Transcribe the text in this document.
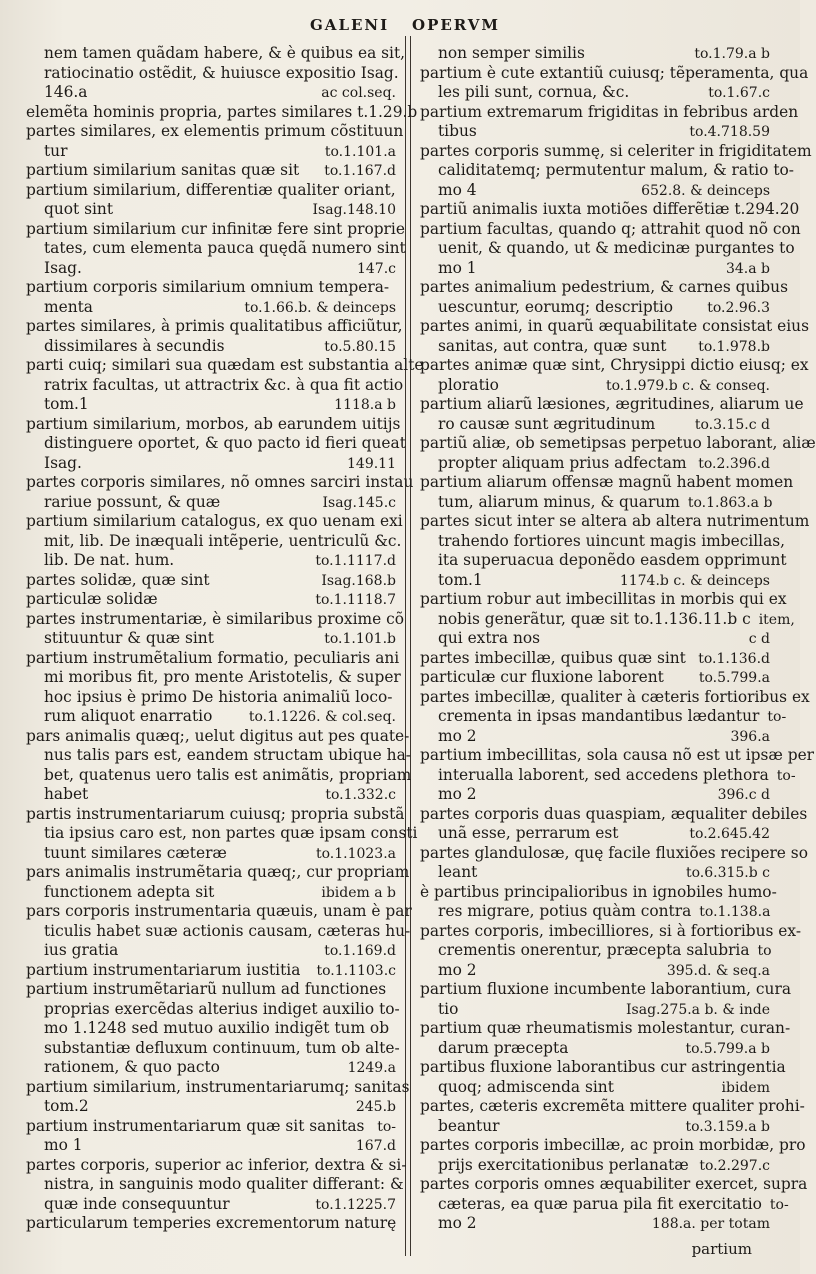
GALENI OPERVM
nem tamen quãdam habere, & è quibus ea sit,
ratiocinatio ostẽdit, & huiusce expositio Isag.
146.a	ac col.seq.
elemẽta hominis propria, partes similares t.1.29.b
partes similares, ex elementis primum cõstituun
tur	to.1.101.a
partium similarium sanitas quæ sit	to.1.167.d
partium similarium, differentiæ qualiter oriant,
quot sint	Isag.148.10
partium similarium cur infinitæ fere sint proprie
tates, cum elementa pauca quędã numero sint
Isag.	147.c
partium corporis similarium omnium tempera-
menta	to.1.66.b. & deinceps
partes similares, à primis qualitatibus afficiũtur,
dissimilares à secundis	to.5.80.15
parti cuiq; similari sua quædam est substantia alte
ratrix facultas, ut attractrix &c. à qua fit actio
tom.1	1118.a b
partium similarium, morbos, ab earundem uitijs
distinguere oportet, & quo pacto id fieri queat
Isag.	149.11
partes corporis similares, nõ omnes sarciri instau
rariue possunt, & quæ	Isag.145.c
partium similarium catalogus, ex quo uenam exi
mit, lib. De inæquali intẽperie, uentriculũ &c.
lib. De nat. hum.	to.1.1117.d
partes solidæ, quæ sint	Isag.168.b
particulæ solidæ	to.1.1118.7
partes instrumentariæ, è similaribus proxime cõ
stituuntur & quæ sint	to.1.101.b
partium instrumẽtalium formatio, peculiaris ani
mi moribus fit, pro mente Aristotelis, & super
hoc ipsius è primo De historia animaliũ loco-
rum aliquot enarratio	to.1.1226. & col.seq.
pars animalis quæq;, uelut digitus aut pes quate-
nus talis pars est, eandem structam ubique ha-
bet, quatenus uero talis est animãtis, propriam
habet	to.1.332.c
partis instrumentariarum cuiusq; propria substã
tia ipsius caro est, non partes quæ ipsam consti
tuunt similares cæteræ	to.1.1023.a
pars animalis instrumẽtaria quæq;, cur propriam
functionem adepta sit	ibidem a b
pars corporis instrumentaria quæuis, unam è par
ticulis habet suæ actionis causam, cæteras hu-
ius gratia	to.1.169.d
partium instrumentariarum iustitia	to.1.1103.c
partium instrumẽtariarũ nullum ad functiones
proprias exercẽdas alterius indiget auxilio to-
mo 1.1248 sed mutuo auxilio indigẽt tum ob
substantiæ defluxum continuum, tum ob alte-
rationem, & quo pacto	1249.a
partium similarium, instrumentariarumq; sanitas
tom.2	245.b
partium instrumentariarum quæ sit sanitas to-
mo 1	167.d
partes corporis, superior ac inferior, dextra & si-
nistra, in sanguinis modo qualiter differant: &
quæ inde consequuntur	to.1.1225.7
particularum temperies excrementorum naturę
non semper similis	to.1.79.a b
partium è cute extantiũ cuiusq; tẽperamenta, qua
les pili sunt, cornua, &c.	to.1.67.c
partium extremarum frigiditas in febribus arden
tibus	to.4.718.59
partes corporis summę, si celeriter in frigiditatem
caliditatemq; permutentur malum, & ratio to-
mo 4	652.8. & deinceps
partiũ animalis iuxta motiões differẽtiæ t.294.20
partium facultas, quando q; attrahit quod nõ con
uenit, & quando, ut & medicinæ purgantes to
mo 1	34.a b
partes animalium pedestrium, & carnes quibus
uescuntur, eorumq; descriptio	to.2.96.3
partes animi, in quarũ æquabilitate consistat eius
sanitas, aut contra, quæ sunt	to.1.978.b
partes animæ quæ sint, Chrysippi dictio eiusq; ex
ploratio	to.1.979.b c. & conseq.
partium aliarũ læsiones, ægritudines, aliarum ue
ro causæ sunt ægritudinum	to.3.15.c d
partiũ aliæ, ob semetipsas perpetuo laborant, aliæ
propter aliquam prius adfectam to.2.396.d
partium aliarum offensæ magnũ habent momen
tum, aliarum minus, & quarum to.1.863.a b
partes sicut inter se altera ab altera nutrimentum
trahendo fortiores uincunt magis imbecillas,
ita superuacua deponẽdo easdem opprimunt
tom.1	1174.b c. & deinceps
partium robur aut imbecillitas in morbis qui ex
nobis generãtur, quæ sit to.1.136.11.b c item,
qui extra nos	c d
partes imbecillæ, quibus quæ sint to.1.136.d
particulæ cur fluxione laborent	to.5.799.a
partes imbecillæ, qualiter à cæteris fortioribus ex
crementa in ipsas mandantibus lædantur to-
mo 2	396.a
partium imbecillitas, sola causa nõ est ut ipsæ per
interualla laborent, sed accedens plethora to-
mo 2	396.c d
partes corporis duas quaspiam, æqualiter debiles
unã esse, perrarum est	to.2.645.42
partes glandulosæ, quę facile fluxiões recipere so
leant	to.6.315.b c
è partibus principalioribus in ignobiles humo-
res migrare, potius quàm contra to.1.138.a
partes corporis, imbecilliores, si à fortioribus ex-
crementis onerentur, præcepta salubria to
mo 2	395.d. & seq.a
partium fluxione incumbente laborantium, cura
tio	Isag.275.a b. & inde
partium quæ rheumatismis molestantur, curan-
darum præcepta	to.5.799.a b
partibus fluxione laborantibus cur astringentia
quoq; admiscenda sint	ibidem
partes, cæteris excremẽta mittere qualiter prohi-
beantur	to.3.159.a b
partes corporis imbecillæ, ac proin morbidæ, pro
prijs exercitationibus perlanatæ to.2.297.c
partes corporis omnes æquabiliter exercet, supra
cæteras, ea quæ parua pila fit exercitatio to-
mo 2	188.a. per totam
partium
